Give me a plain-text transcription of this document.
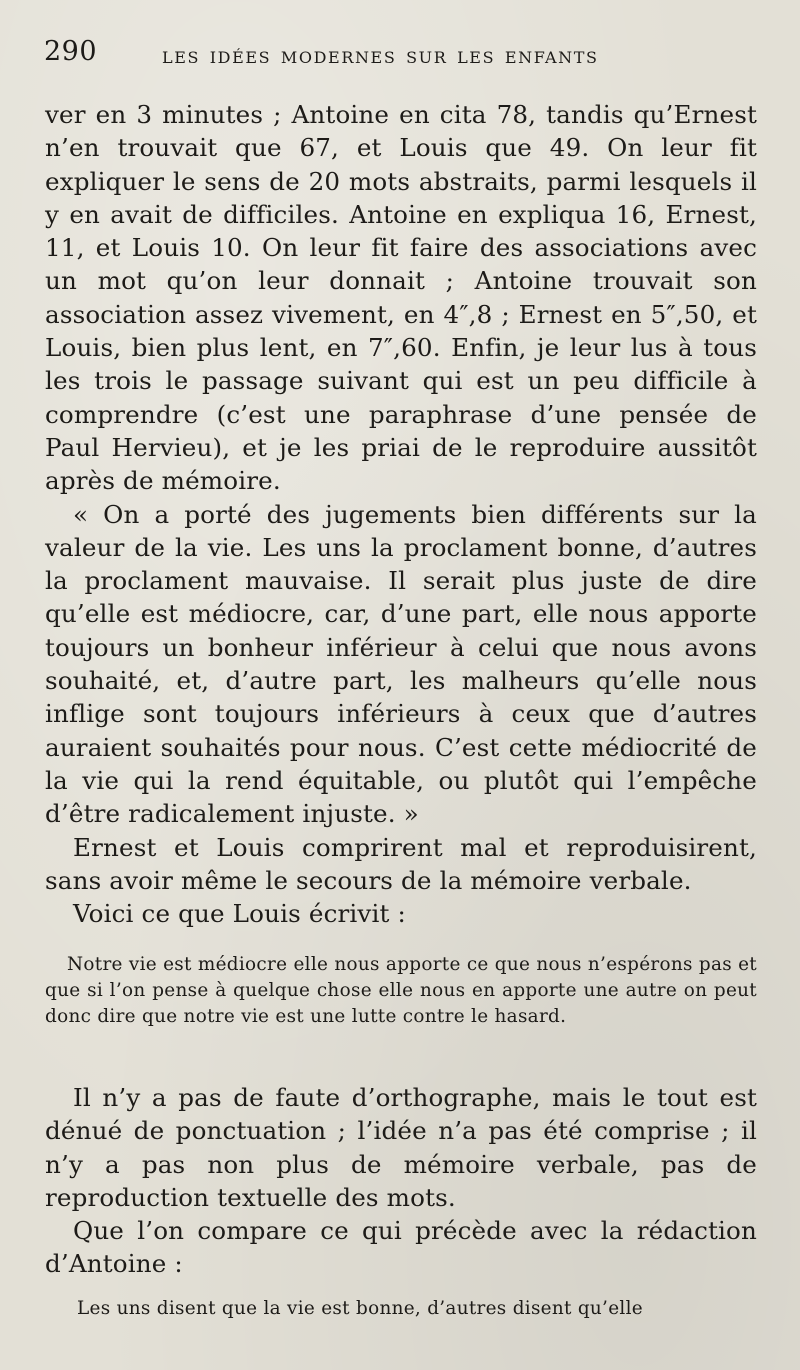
290	LES IDÉES MODERNES SUR LES ENFANTS

ver en 3 minutes ; Antoine en cita 78, tandis qu’Ernest n’en trouvait que 67, et Louis que 49. On leur fit expliquer le sens de 20 mots abstraits, parmi lesquels il y en avait de difficiles. Antoine en expliqua 16, Ernest, 11, et Louis 10. On leur fit faire des associations avec un mot qu’on leur donnait ; Antoine trouvait son association assez vivement, en 4″,8 ; Ernest en 5″,50, et Louis, bien plus lent, en 7″,60. Enfin, je leur lus à tous les trois le passage suivant qui est un peu difficile à comprendre (c’est une paraphrase d’une pensée de Paul Hervieu), et je les priai de le reproduire aussitôt après de mémoire.

« On a porté des jugements bien différents sur la valeur de la vie. Les uns la proclament bonne, d’autres la proclament mauvaise. Il serait plus juste de dire qu’elle est médiocre, car, d’une part, elle nous apporte toujours un bonheur inférieur à celui que nous avons souhaité, et, d’autre part, les malheurs qu’elle nous inflige sont toujours inférieurs à ceux que d’autres auraient souhaités pour nous. C’est cette médiocrité de la vie qui la rend équitable, ou plutôt qui l’empêche d’être radicalement injuste. »

Ernest et Louis comprirent mal et reproduisirent, sans avoir même le secours de la mémoire verbale.

Voici ce que Louis écrivit :

Notre vie est médiocre elle nous apporte ce que nous n’espérons pas et que si l’on pense à quelque chose elle nous en apporte une autre on peut donc dire que notre vie est une lutte contre le hasard.

Il n’y a pas de faute d’orthographe, mais le tout est dénué de ponctuation ; l’idée n’a pas été comprise ; il n’y a pas non plus de mémoire verbale, pas de reproduction textuelle des mots.

Que l’on compare ce qui précède avec la rédaction d’Antoine :

Les uns disent que la vie est bonne, d’autres disent qu’elle
